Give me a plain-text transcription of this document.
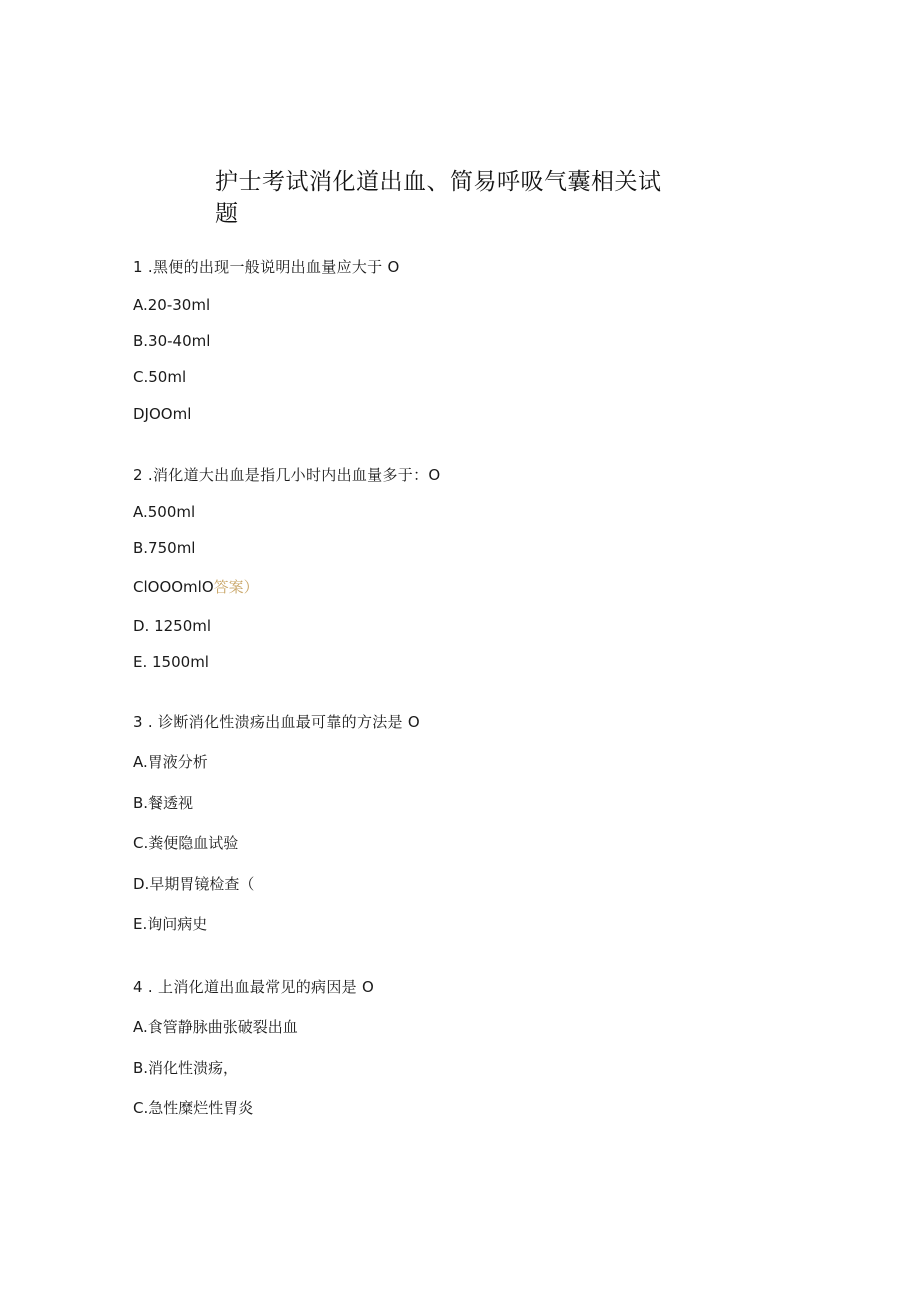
护士考试消化道出血、简易呼吸气囊相关试题
1 .黑便的出现一般说明出血量应大于 O
A.20-30ml
B.30-40ml
C.50ml
DJOOml
2 .消化道大出血是指几小时内出血量多于：O
A.500ml
B.750ml
ClOOOmlO答案）
D. 1250ml
E. 1500ml
3 . 诊断消化性溃疡出血最可靠的方法是 O
A.胃液分析
B.餐透视
C.粪便隐血试验
D.早期胃镜检查（
E.询问病史
4 . 上消化道出血最常见的病因是 O
A.食管静脉曲张破裂出血
B.消化性溃疡，
C.急性糜烂性胃炎
